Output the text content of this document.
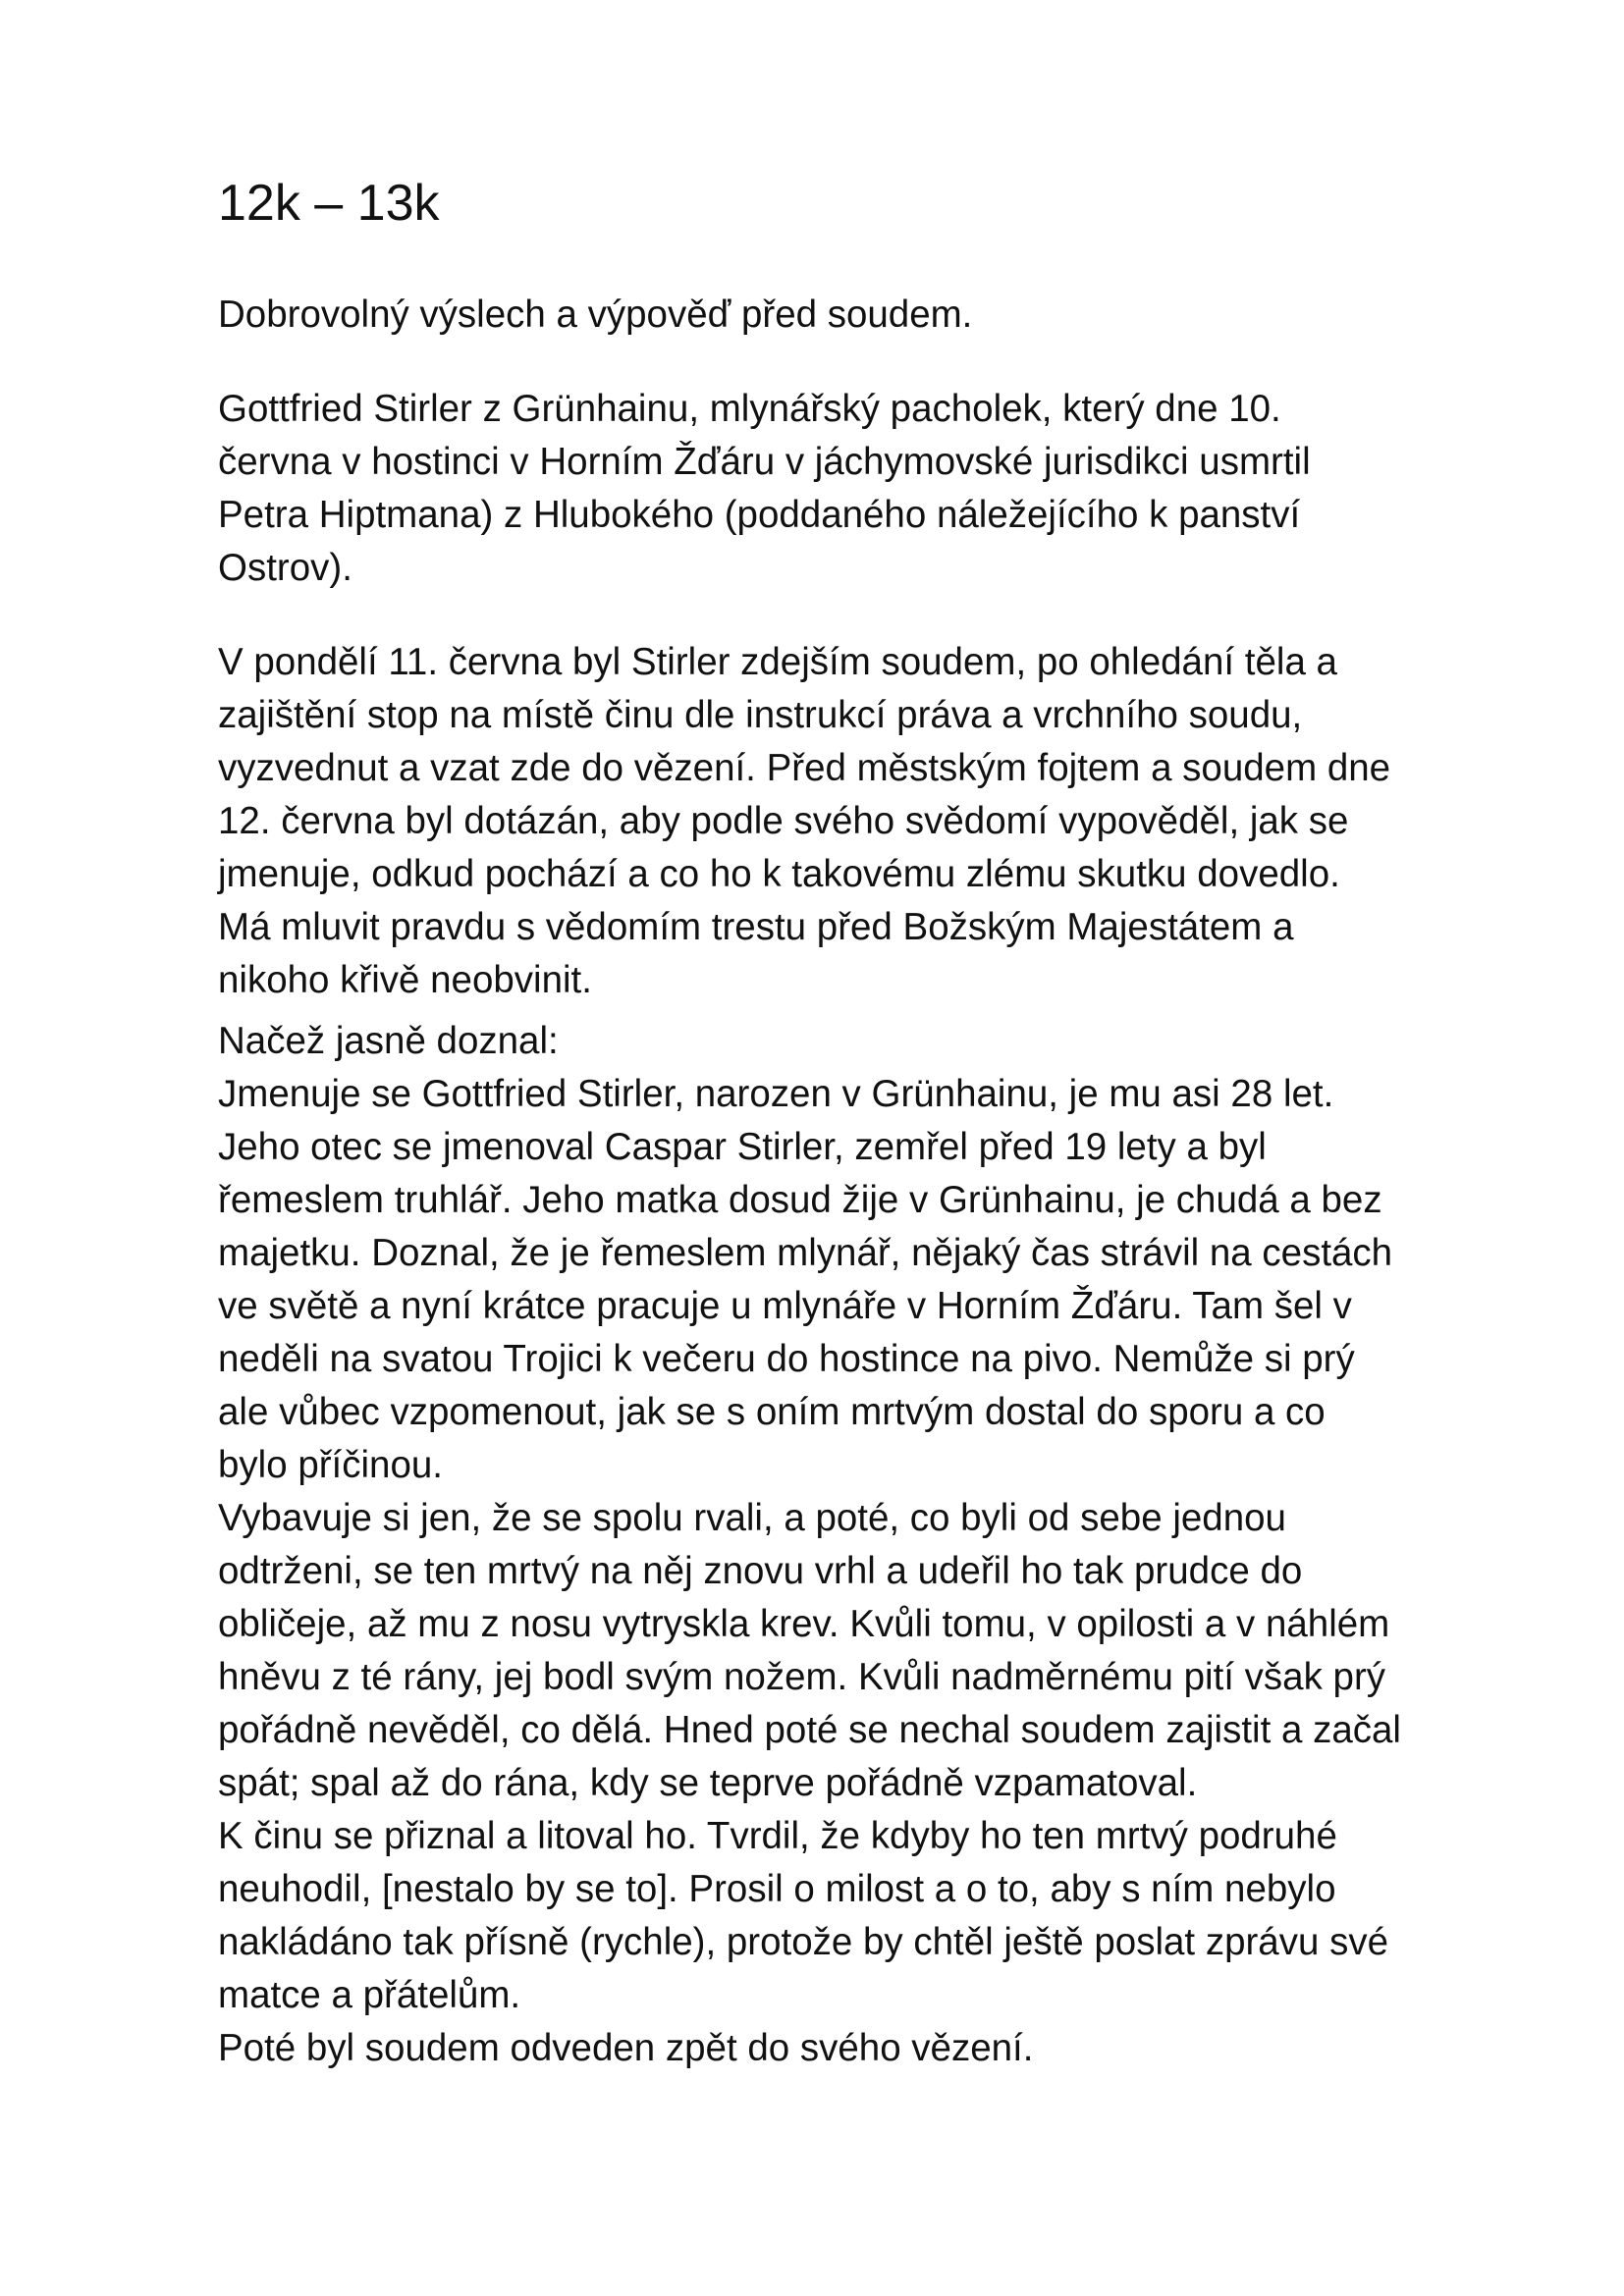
12k – 13k
Dobrovolný výslech a výpověď před soudem.
Gottfried Stirler z Grünhainu, mlynářský pacholek, který dne 10.
června v hostinci v Horním Žďáru v jáchymovské jurisdikci usmrtil
Petra Hiptmana) z Hlubokého (poddaného náležejícího k panství
Ostrov).
V pondělí 11. června byl Stirler zdejším soudem, po ohledání těla a
zajištění stop na místě činu dle instrukcí práva a vrchního soudu,
vyzvednut a vzat zde do vězení. Před městským fojtem a soudem dne
12. června byl dotázán, aby podle svého svědomí vypověděl, jak se
jmenuje, odkud pochází a co ho k takovému zlému skutku dovedlo.
Má mluvit pravdu s vědomím trestu před Božským Majestátem a
nikoho křivě neobvinit.
Načež jasně doznal:
Jmenuje se Gottfried Stirler, narozen v Grünhainu, je mu asi 28 let.
Jeho otec se jmenoval Caspar Stirler, zemřel před 19 lety a byl
řemeslem truhlář. Jeho matka dosud žije v Grünhainu, je chudá a bez
majetku. Doznal, že je řemeslem mlynář, nějaký čas strávil na cestách
ve světě a nyní krátce pracuje u mlynáře v Horním Žďáru. Tam šel v
neděli na svatou Trojici k večeru do hostince na pivo. Nemůže si prý
ale vůbec vzpomenout, jak se s oním mrtvým dostal do sporu a co
bylo příčinou.
Vybavuje si jen, že se spolu rvali, a poté, co byli od sebe jednou
odtrženi, se ten mrtvý na něj znovu vrhl a udeřil ho tak prudce do
obličeje, až mu z nosu vytryskla krev. Kvůli tomu, v opilosti a v náhlém
hněvu z té rány, jej bodl svým nožem. Kvůli nadměrnému pití však prý
pořádně nevěděl, co dělá. Hned poté se nechal soudem zajistit a začal
spát; spal až do rána, kdy se teprve pořádně vzpamatoval.
K činu se přiznal a litoval ho. Tvrdil, že kdyby ho ten mrtvý podruhé
neuhodil, [nestalo by se to]. Prosil o milost a o to, aby s ním nebylo
nakládáno tak přísně (rychle), protože by chtěl ještě poslat zprávu své
matce a přátelům.
Poté byl soudem odveden zpět do svého vězení.
